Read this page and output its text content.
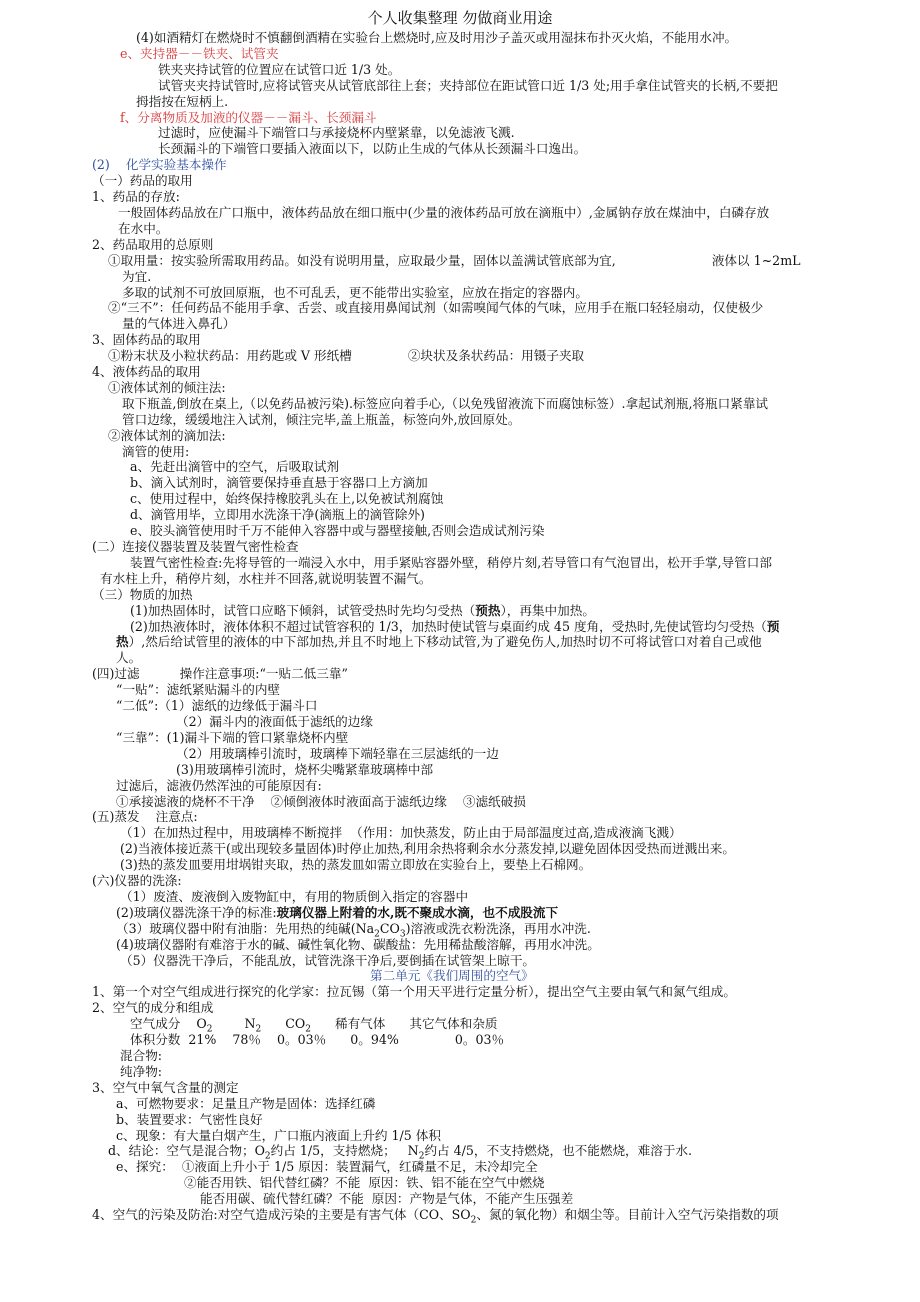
个人收集整理 勿做商业用途
(4)如酒精灯在燃烧时不慎翻倒酒精在实验台上燃烧时,应及时用沙子盖灭或用湿抹布扑灭火焰，不能用水冲。
e、夹持器－－铁夹、试管夹
铁夹夹持试管的位置应在试管口近 1/3 处。
试管夹夹持试管时,应将试管夹从试管底部往上套；夹持部位在距试管口近 1/3 处;用手拿住试管夹的长柄,不要把
拇指按在短柄上.
f、分离物质及加液的仪器－－漏斗、长颈漏斗
过滤时，应使漏斗下端管口与承接烧杯内壁紧靠，以免滤液飞溅.
长颈漏斗的下端管口要插入液面以下，以防止生成的气体从长颈漏斗口逸出。
(2)    化学实验基本操作
（一）药品的取用
1、药品的存放:
一般固体药品放在广口瓶中，液体药品放在细口瓶中(少量的液体药品可放在滴瓶中）,金属钠存放在煤油中，白磷存放
在水中。
2、药品取用的总原则
①取用量：按实验所需取用药品。如没有说明用量，应取最少量，固体以盖满试管底部为宜,                        液体以 1~2mL
为宜.
多取的试剂不可放回原瓶，也不可乱丢，更不能带出实验室，应放在指定的容器内。
②“三不”：任何药品不能用手拿、舌尝、或直接用鼻闻试剂（如需嗅闻气体的气味，应用手在瓶口轻轻扇动，仅使极少
量的气体进入鼻孔）
3、固体药品的取用
①粉末状及小粒状药品：用药匙或 V 形纸槽              ②块状及条状药品：用镊子夹取
4、液体药品的取用
①液体试剂的倾注法:
取下瓶盖,倒放在桌上,（以免药品被污染).标签应向着手心,（以免残留液流下而腐蚀标签）.拿起试剂瓶,将瓶口紧靠试
管口边缘，缓缓地注入试剂，倾注完毕,盖上瓶盖，标签向外,放回原处。
②液体试剂的滴加法:
滴管的使用:
a、先赶出滴管中的空气，后吸取试剂
b、滴入试剂时，滴管要保持垂直悬于容器口上方滴加
c、使用过程中，始终保持橡胶乳头在上,以免被试剂腐蚀
d、滴管用毕，立即用水洗涤干净(滴瓶上的滴管除外)
e、胶头滴管使用时千万不能伸入容器中或与器壁接触,否则会造成试剂污染
(二）连接仪器装置及装置气密性检查
装置气密性检查:先将导管的一端浸入水中，用手紧贴容器外壁，稍停片刻,若导管口有气泡冒出，松开手掌,导管口部
有水柱上升，稍停片刻，水柱并不回落,就说明装置不漏气。
（三）物质的加热
(1)加热固体时，试管口应略下倾斜，试管受热时先均匀受热（预热），再集中加热。
(2)加热液体时，液体体积不超过试管容积的 1/3，加热时使试管与桌面约成 45 度角，受热时,先使试管均匀受热（预
热）,然后给试管里的液体的中下部加热,并且不时地上下移动试管,为了避免伤人,加热时切不可将试管口对着自己或他
人。
(四)过滤          操作注意事项:“一贴二低三靠”
“一贴”：滤纸紧贴漏斗的内壁
“二低”:（1）滤纸的边缘低于漏斗口
（2）漏斗内的液面低于滤纸的边缘
“三靠”：(1)漏斗下端的管口紧靠烧杯内壁
（2）用玻璃棒引流时，玻璃棒下端轻靠在三层滤纸的一边
(3)用玻璃棒引流时，烧杯尖嘴紧靠玻璃棒中部
过滤后，滤液仍然浑浊的可能原因有:
①承接滤液的烧杯不干净    ②倾倒液体时液面高于滤纸边缘    ③滤纸破损
(五)蒸发    注意点:
（1）在加热过程中，用玻璃棒不断搅拌  （作用：加快蒸发，防止由于局部温度过高,造成液滴飞溅）
(2)当液体接近蒸干(或出现较多量固体)时停止加热,利用余热将剩余水分蒸发掉,以避免固体因受热而迸溅出来。
(3)热的蒸发皿要用坩埚钳夹取，热的蒸发皿如需立即放在实验台上，要垫上石棉网。
(六)仪器的洗涤:
（1）废渣、废液倒入废物缸中，有用的物质倒入指定的容器中
(2)玻璃仪器洗涤干净的标准:玻璃仪器上附着的水,既不聚成水滴，也不成股流下
（3）玻璃仪器中附有油脂：先用热的纯碱$(Na_2CO_3)$溶液或洗衣粉洗涤，再用水冲洗.
(4)玻璃仪器附有难溶于水的碱、碱性氧化物、碳酸盐：先用稀盐酸溶解，再用水冲洗。
（5）仪器洗干净后，不能乱放，试管洗涤干净后,要倒插在试管架上晾干。
第二单元《我们周围的空气》
1、第一个对空气组成进行探究的化学家：拉瓦锡（第一个用天平进行定量分析），提出空气主要由氧气和氮气组成。
2、空气的成分和组成
空气成分    $O_2$        $N_2$      $CO_2$      稀有气体      其它气体和杂质
体积分数  21%    78％    0。03％      0。94%              0。03％
混合物:
纯净物:
3、空气中氧气含量的测定
a、可燃物要求：足量且产物是固体：选择红磷
b、装置要求：气密性良好
c、现象：有大量白烟产生，广口瓶内液面上升约 1/5 体积
d、结论：空气是混合物；$O_2$约占 1/5，支持燃烧；   $N_2$约占 4/5，不支持燃烧，也不能燃烧，难溶于水.
e、探究：  ①液面上升小于 1/5 原因：装置漏气，红磷量不足，未冷却完全
②能否用铁、铝代替红磷？不能  原因：铁、铝不能在空气中燃烧
能否用碳、硫代替红磷？不能  原因：产物是气体，不能产生压强差
4、空气的污染及防治:对空气造成污染的主要是有害气体（CO、$SO_2$、氮的氧化物）和烟尘等。目前计入空气污染指数的项
